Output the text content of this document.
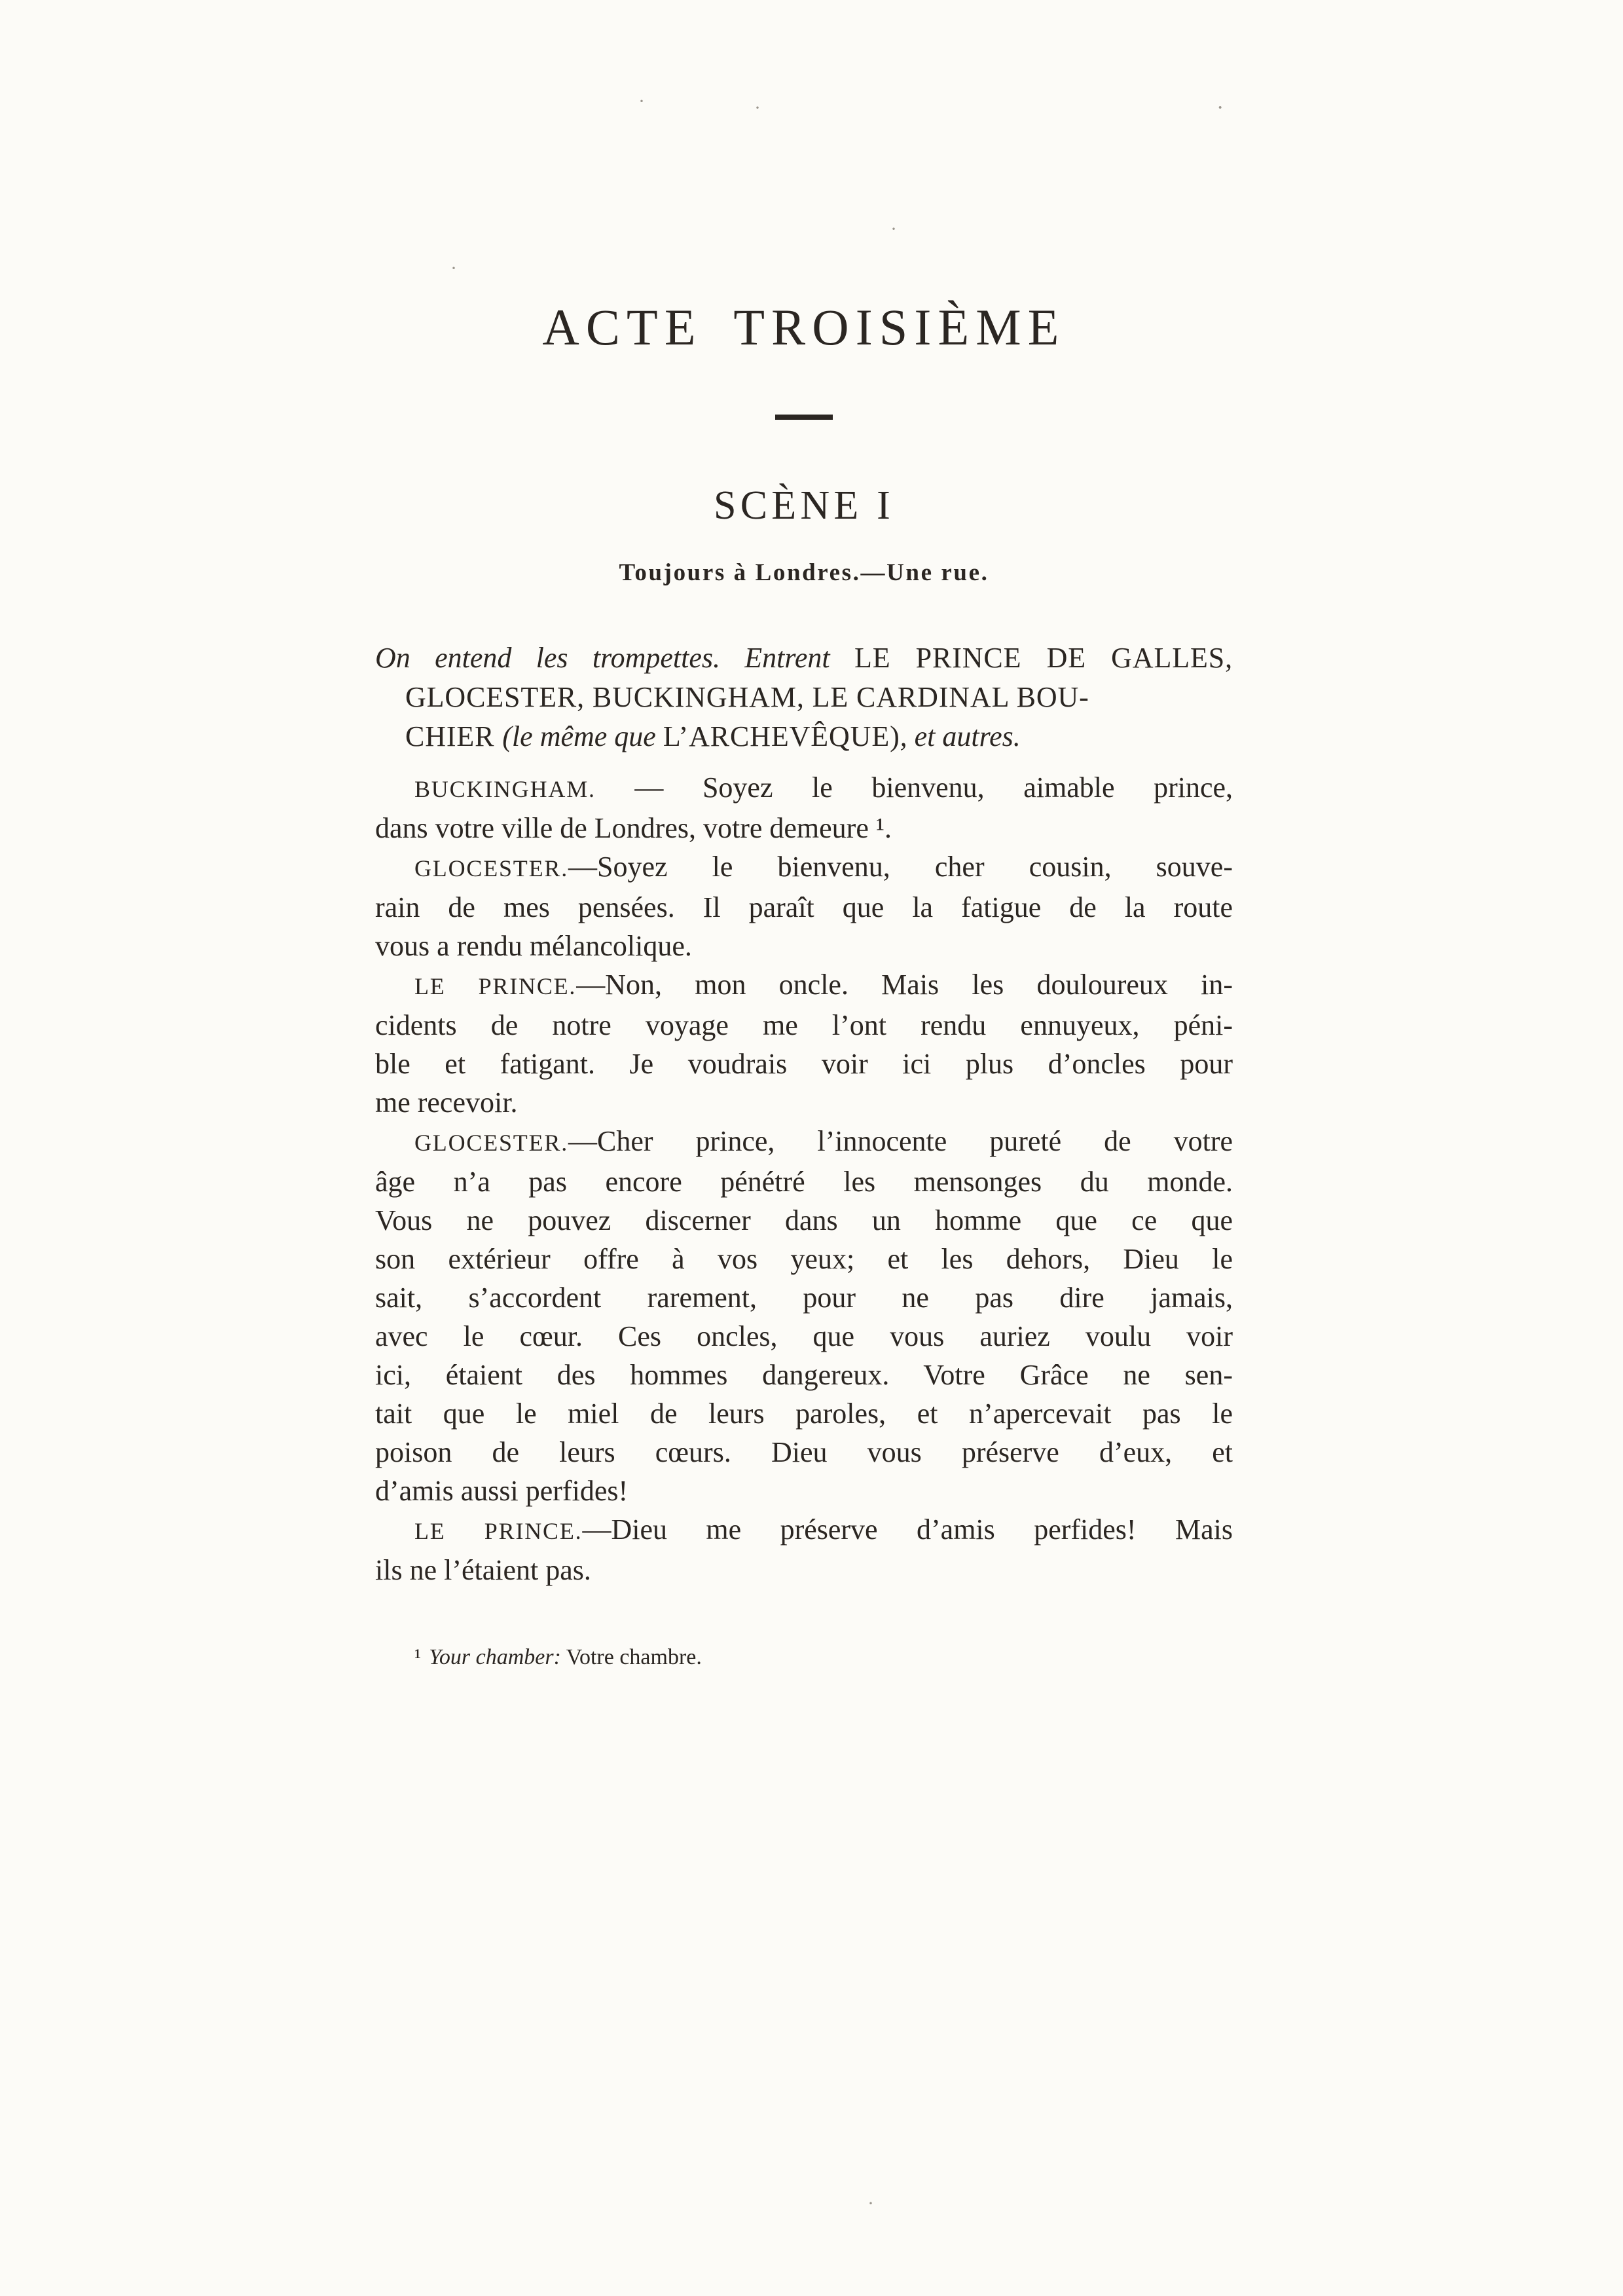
·	·	·
·
·
·
ACTE TROISIÈME
SCÈNE I
Toujours à Londres.—Une rue.
On entend les trompettes. Entrent LE PRINCE DE GALLES,
GLOCESTER, BUCKINGHAM, LE CARDINAL BOU-
CHIER (le même que L’ARCHEVÊQUE), et autres.
BUCKINGHAM. — Soyez le bienvenu, aimable prince,
dans votre ville de Londres, votre demeure ¹.
GLOCESTER.—Soyez le bienvenu, cher cousin, souve-
rain de mes pensées. Il paraît que la fatigue de la route
vous a rendu mélancolique.
LE PRINCE.—Non, mon oncle. Mais les douloureux in-
cidents de notre voyage me l’ont rendu ennuyeux, péni-
ble et fatigant. Je voudrais voir ici plus d’oncles pour
me recevoir.
GLOCESTER.—Cher prince, l’innocente pureté de votre
âge n’a pas encore pénétré les mensonges du monde.
Vous ne pouvez discerner dans un homme que ce que
son extérieur offre à vos yeux; et les dehors, Dieu le
sait, s’accordent rarement, pour ne pas dire jamais,
avec le cœur. Ces oncles, que vous auriez voulu voir
ici, étaient des hommes dangereux. Votre Grâce ne sen-
tait que le miel de leurs paroles, et n’apercevait pas le
poison de leurs cœurs. Dieu vous préserve d’eux, et
d’amis aussi perfides!
LE PRINCE.—Dieu me préserve d’amis perfides! Mais
ils ne l’étaient pas.
¹ Your chamber: Votre chambre.
